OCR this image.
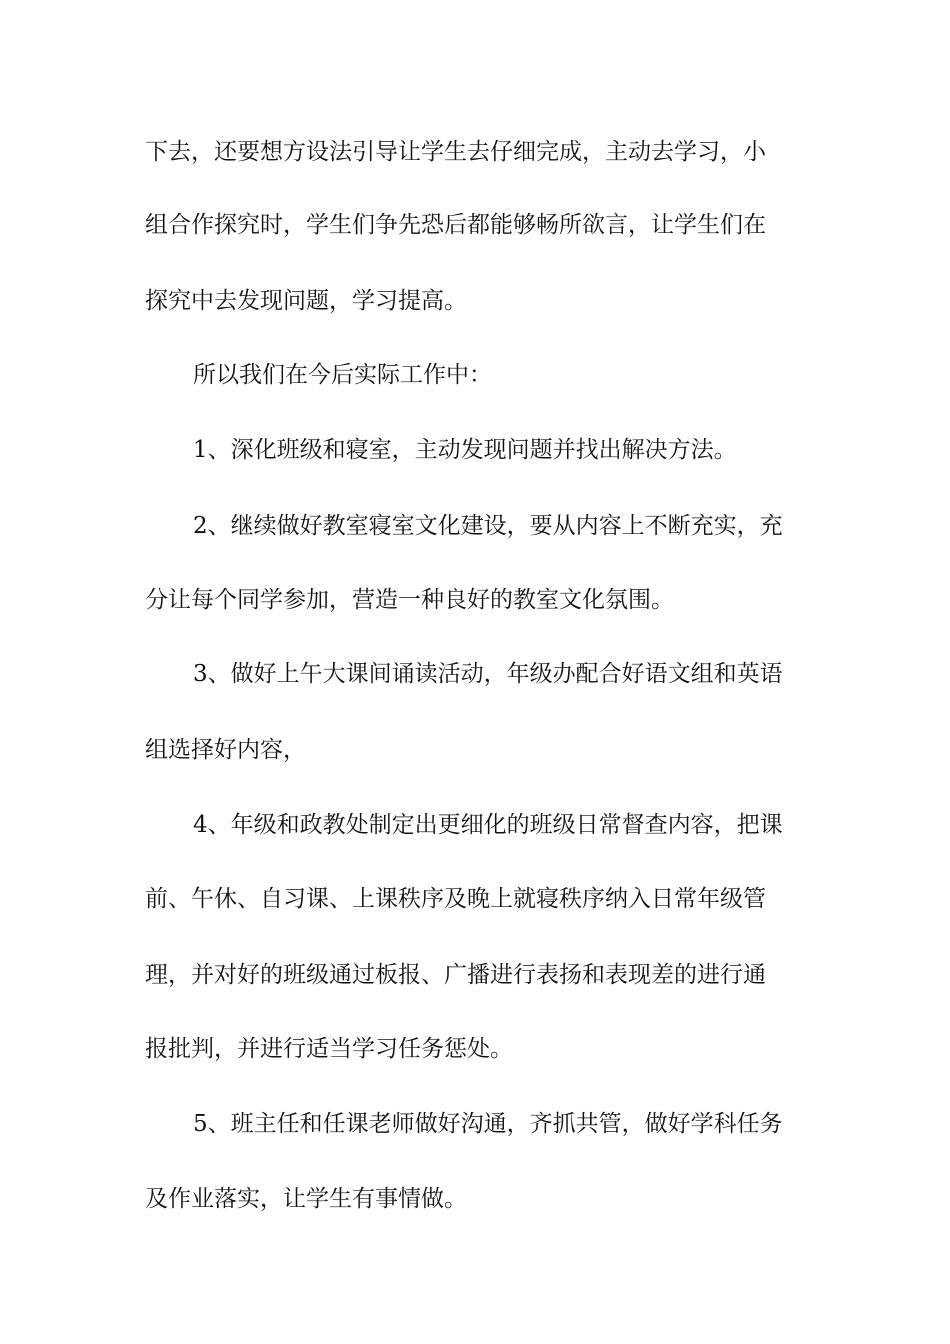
下去，还要想方设法引导让学生去仔细完成，主动去学习，小
组合作探究时，学生们争先恐后都能够畅所欲言，让学生们在
探究中去发现问题，学习提高。
所以我们在今后实际工作中：
1、深化班级和寝室，主动发现问题并找出解决方法。
2、继续做好教室寝室文化建设，要从内容上不断充实，充
分让每个同学参加，营造一种良好的教室文化氛围。
3、做好上午大课间诵读活动，年级办配合好语文组和英语
组选择好内容，
4、年级和政教处制定出更细化的班级日常督查内容，把课
前、午休、自习课、上课秩序及晚上就寝秩序纳入日常年级管
理，并对好的班级通过板报、广播进行表扬和表现差的进行通
报批判，并进行适当学习任务惩处。
5、班主任和任课老师做好沟通，齐抓共管，做好学科任务
及作业落实，让学生有事情做。
